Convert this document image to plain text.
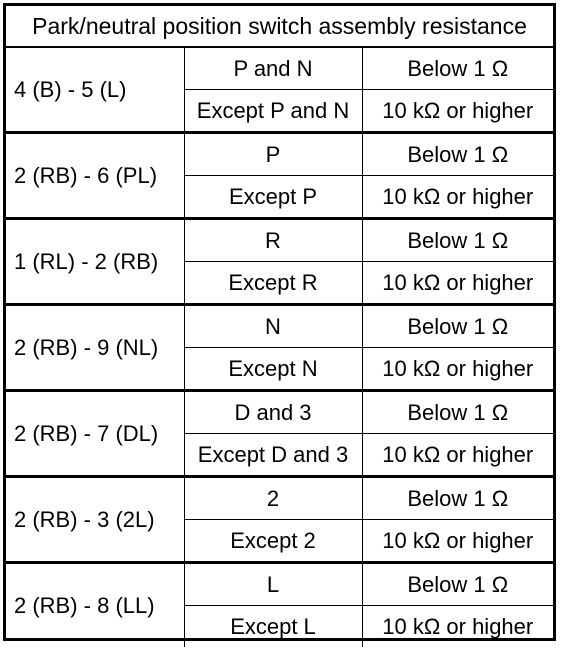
Park/neutral position switch assembly resistance		
4 (B) - 5 (L)	P and N	Below 1 Ω
	Except P and N	10 kΩ or higher
2 (RB) - 6 (PL)	P	Below 1 Ω
	Except P	10 kΩ or higher
1 (RL) - 2 (RB)	R	Below 1 Ω
	Except R	10 kΩ or higher
2 (RB) - 9 (NL)	N	Below 1 Ω
	Except N	10 kΩ or higher
2 (RB) - 7 (DL)	D and 3	Below 1 Ω
	Except D and 3	10 kΩ or higher
2 (RB) - 3 (2L)	2	Below 1 Ω
	Except 2	10 kΩ or higher
2 (RB) - 8 (LL)	L	Below 1 Ω
	Except L	10 kΩ or higher
